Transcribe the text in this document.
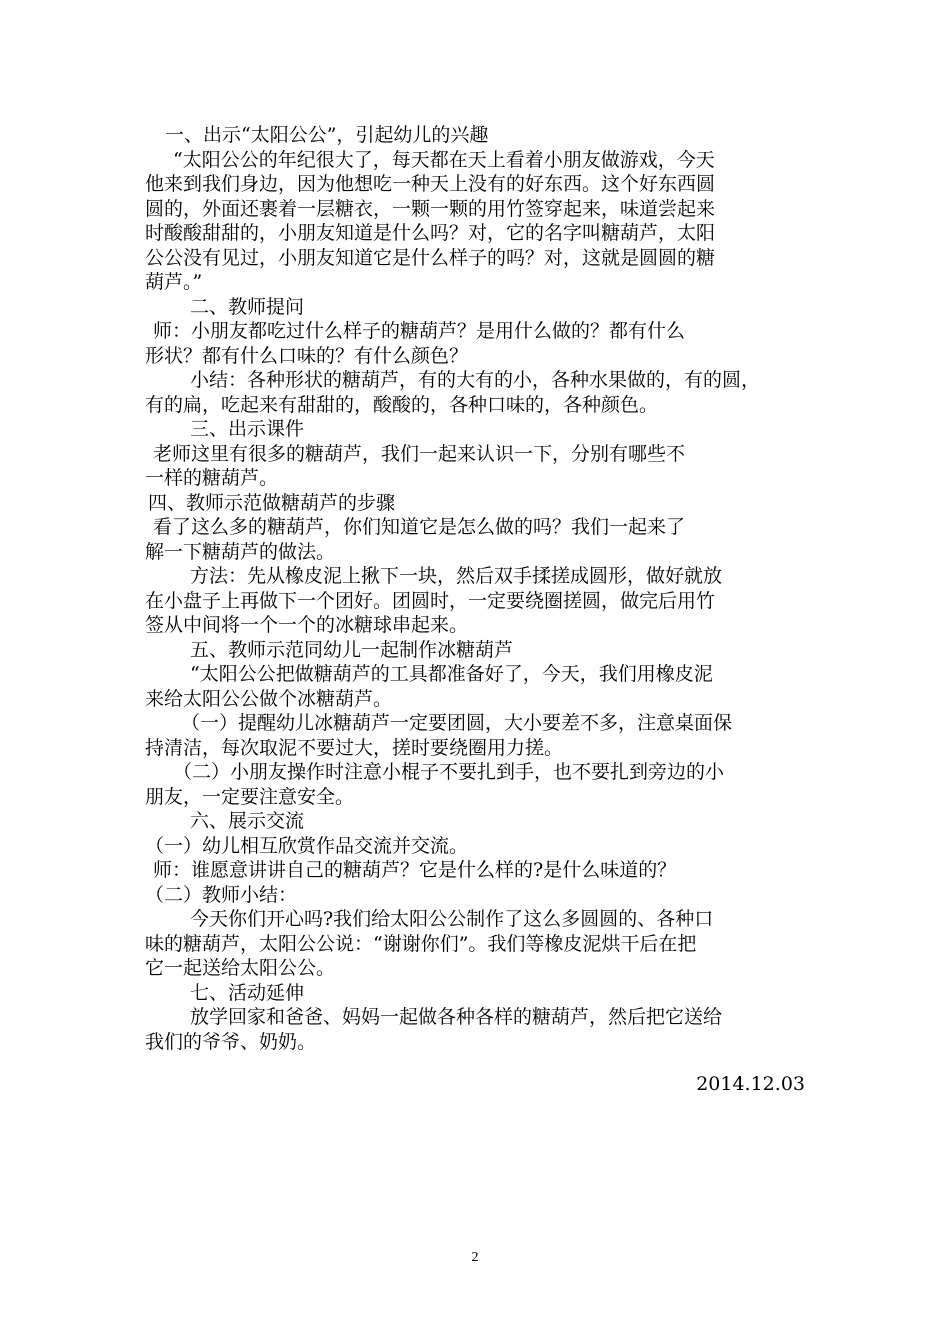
一、出示“太阳公公”，引起幼儿的兴趣
“太阳公公的年纪很大了，每天都在天上看着小朋友做游戏，今天
他来到我们身边，因为他想吃一种天上没有的好东西。这个好东西圆
圆的，外面还裹着一层糖衣，一颗一颗的用竹签穿起来，味道尝起来
时酸酸甜甜的，小朋友知道是什么吗？对，它的名字叫糖葫芦，太阳
公公没有见过，小朋友知道它是什么样子的吗？对，这就是圆圆的糖
葫芦。”
二、教师提问
师：小朋友都吃过什么样子的糖葫芦？是用什么做的？都有什么
形状？都有什么口味的？有什么颜色？
小结：各种形状的糖葫芦，有的大有的小，各种水果做的，有的圆，
有的扁，吃起来有甜甜的，酸酸的，各种口味的，各种颜色。
三、出示课件
老师这里有很多的糖葫芦，我们一起来认识一下，分别有哪些不
一样的糖葫芦。
四、教师示范做糖葫芦的步骤
看了这么多的糖葫芦，你们知道它是怎么做的吗？我们一起来了
解一下糖葫芦的做法。
方法：先从橡皮泥上揪下一块，然后双手揉搓成圆形，做好就放
在小盘子上再做下一个团好。团圆时，一定要绕圈搓圆，做完后用竹
签从中间将一个一个的冰糖球串起来。
五、教师示范同幼儿一起制作冰糖葫芦
“太阳公公把做糖葫芦的工具都准备好了，今天，我们用橡皮泥
来给太阳公公做个冰糖葫芦。
（一）提醒幼儿冰糖葫芦一定要团圆，大小要差不多，注意桌面保
持清洁，每次取泥不要过大，搓时要绕圈用力搓。
（二）小朋友操作时注意小棍子不要扎到手，也不要扎到旁边的小
朋友，一定要注意安全。
六、展示交流
（一）幼儿相互欣赏作品交流并交流。
师：谁愿意讲讲自己的糖葫芦？它是什么样的?是什么味道的？
（二）教师小结：
今天你们开心吗?我们给太阳公公制作了这么多圆圆的、各种口
味的糖葫芦，太阳公公说：“谢谢你们”。我们等橡皮泥烘干后在把
它一起送给太阳公公。
七、活动延伸
放学回家和爸爸、妈妈一起做各种各样的糖葫芦，然后把它送给
我们的爷爷、奶奶。
2014.12.03
2
